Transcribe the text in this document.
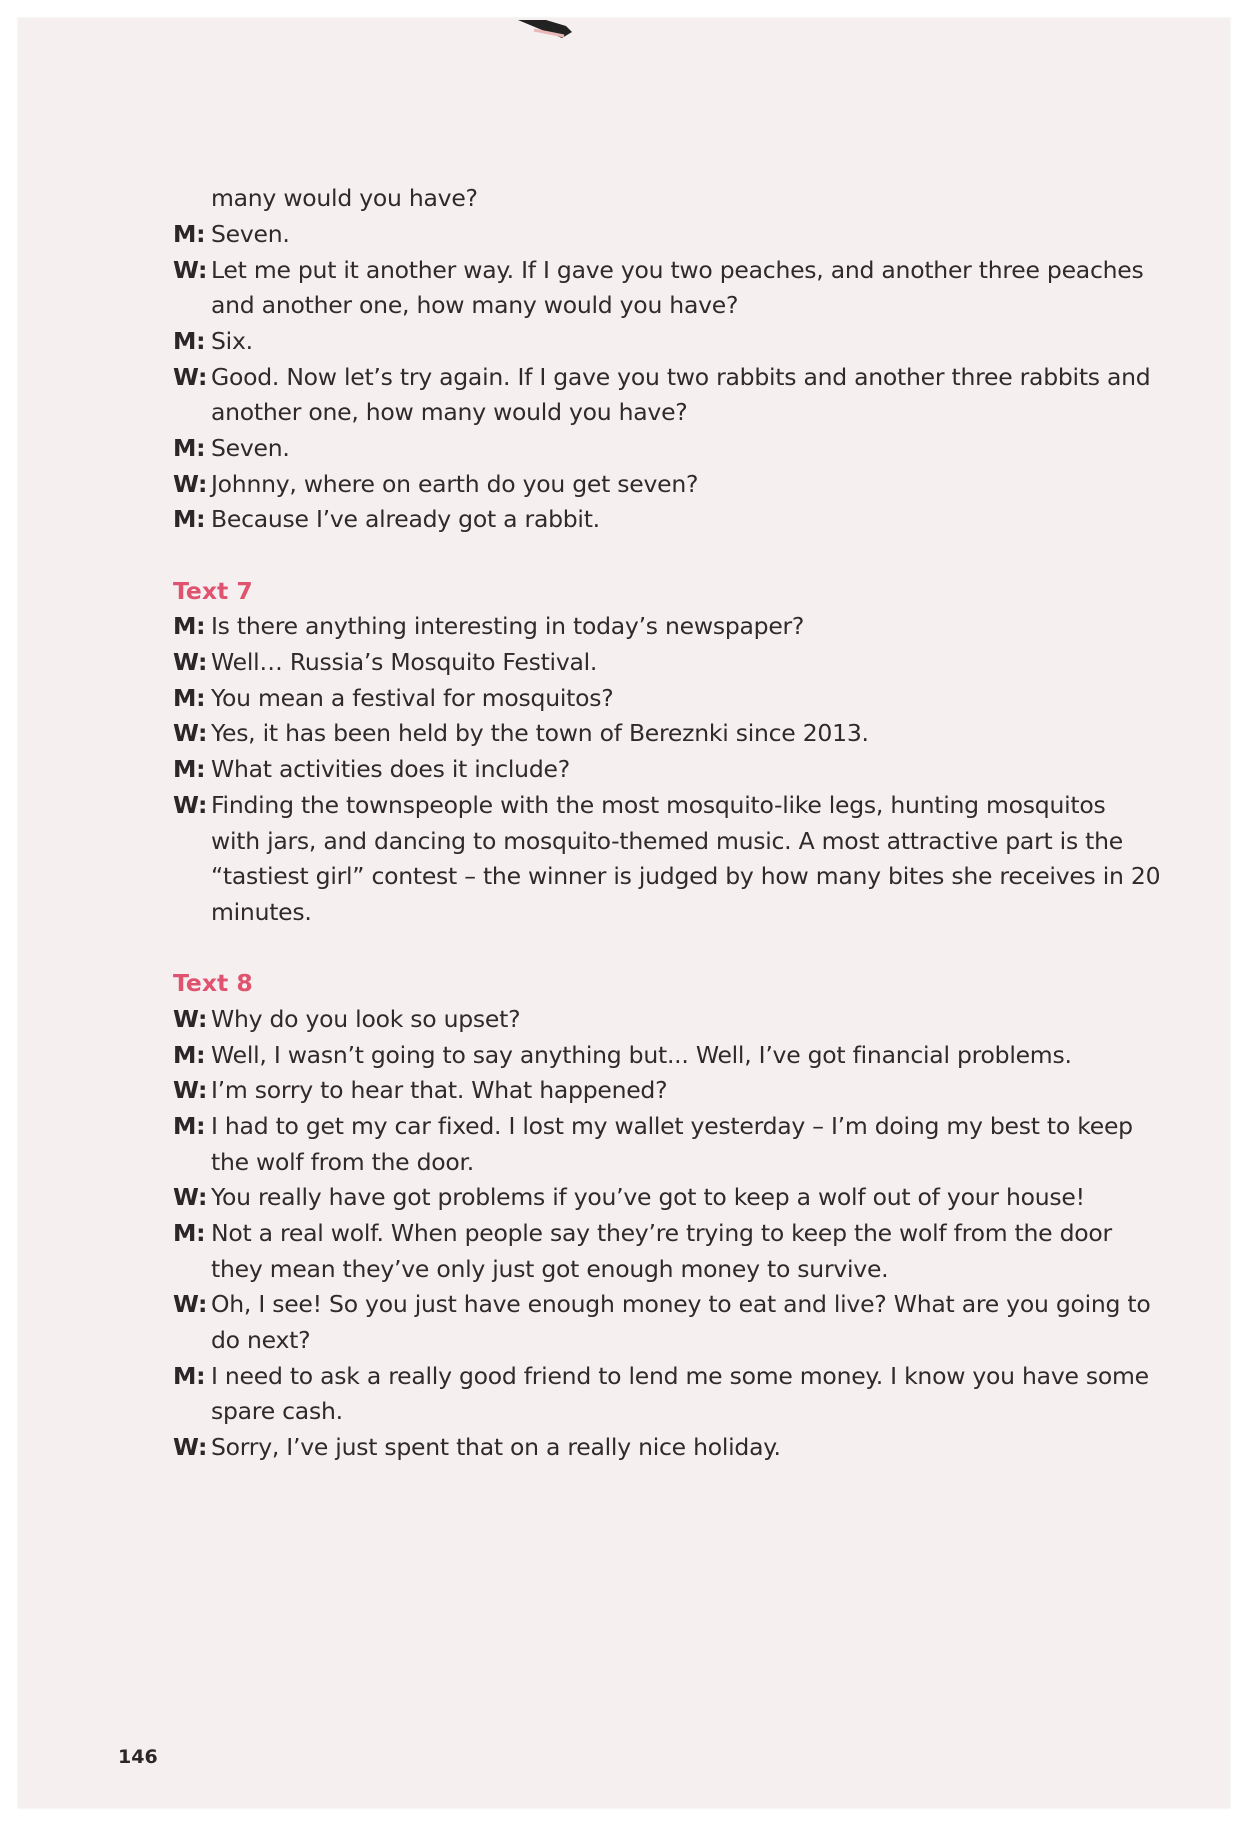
many would you have?
M: Seven.
W: Let me put it another way. If I gave you two peaches, and another three peaches
and another one, how many would you have?
M: Six.
W: Good. Now let’s try again. If I gave you two rabbits and another three rabbits and
another one, how many would you have?
M: Seven.
W: Johnny, where on earth do you get seven?
M: Because I’ve already got a rabbit.
Text 7
M: Is there anything interesting in today’s newspaper?
W: Well… Russia’s Mosquito Festival.
M: You mean a festival for mosquitos?
W: Yes, it has been held by the town of Bereznki since 2013.
M: What activities does it include?
W: Finding the townspeople with the most mosquito-like legs, hunting mosquitos
with jars, and dancing to mosquito-themed music. A most attractive part is the
“tastiest girl” contest – the winner is judged by how many bites she receives in 20
minutes.
Text 8
W: Why do you look so upset?
M: Well, I wasn’t going to say anything but... Well, I’ve got financial problems.
W: I’m sorry to hear that. What happened?
M: I had to get my car fixed. I lost my wallet yesterday – I’m doing my best to keep
the wolf from the door.
W: You really have got problems if you’ve got to keep a wolf out of your house!
M: Not a real wolf. When people say they’re trying to keep the wolf from the door
they mean they’ve only just got enough money to survive.
W: Oh, I see! So you just have enough money to eat and live? What are you going to
do next?
M: I need to ask a really good friend to lend me some money. I know you have some
spare cash.
W: Sorry, I’ve just spent that on a really nice holiday.
146
